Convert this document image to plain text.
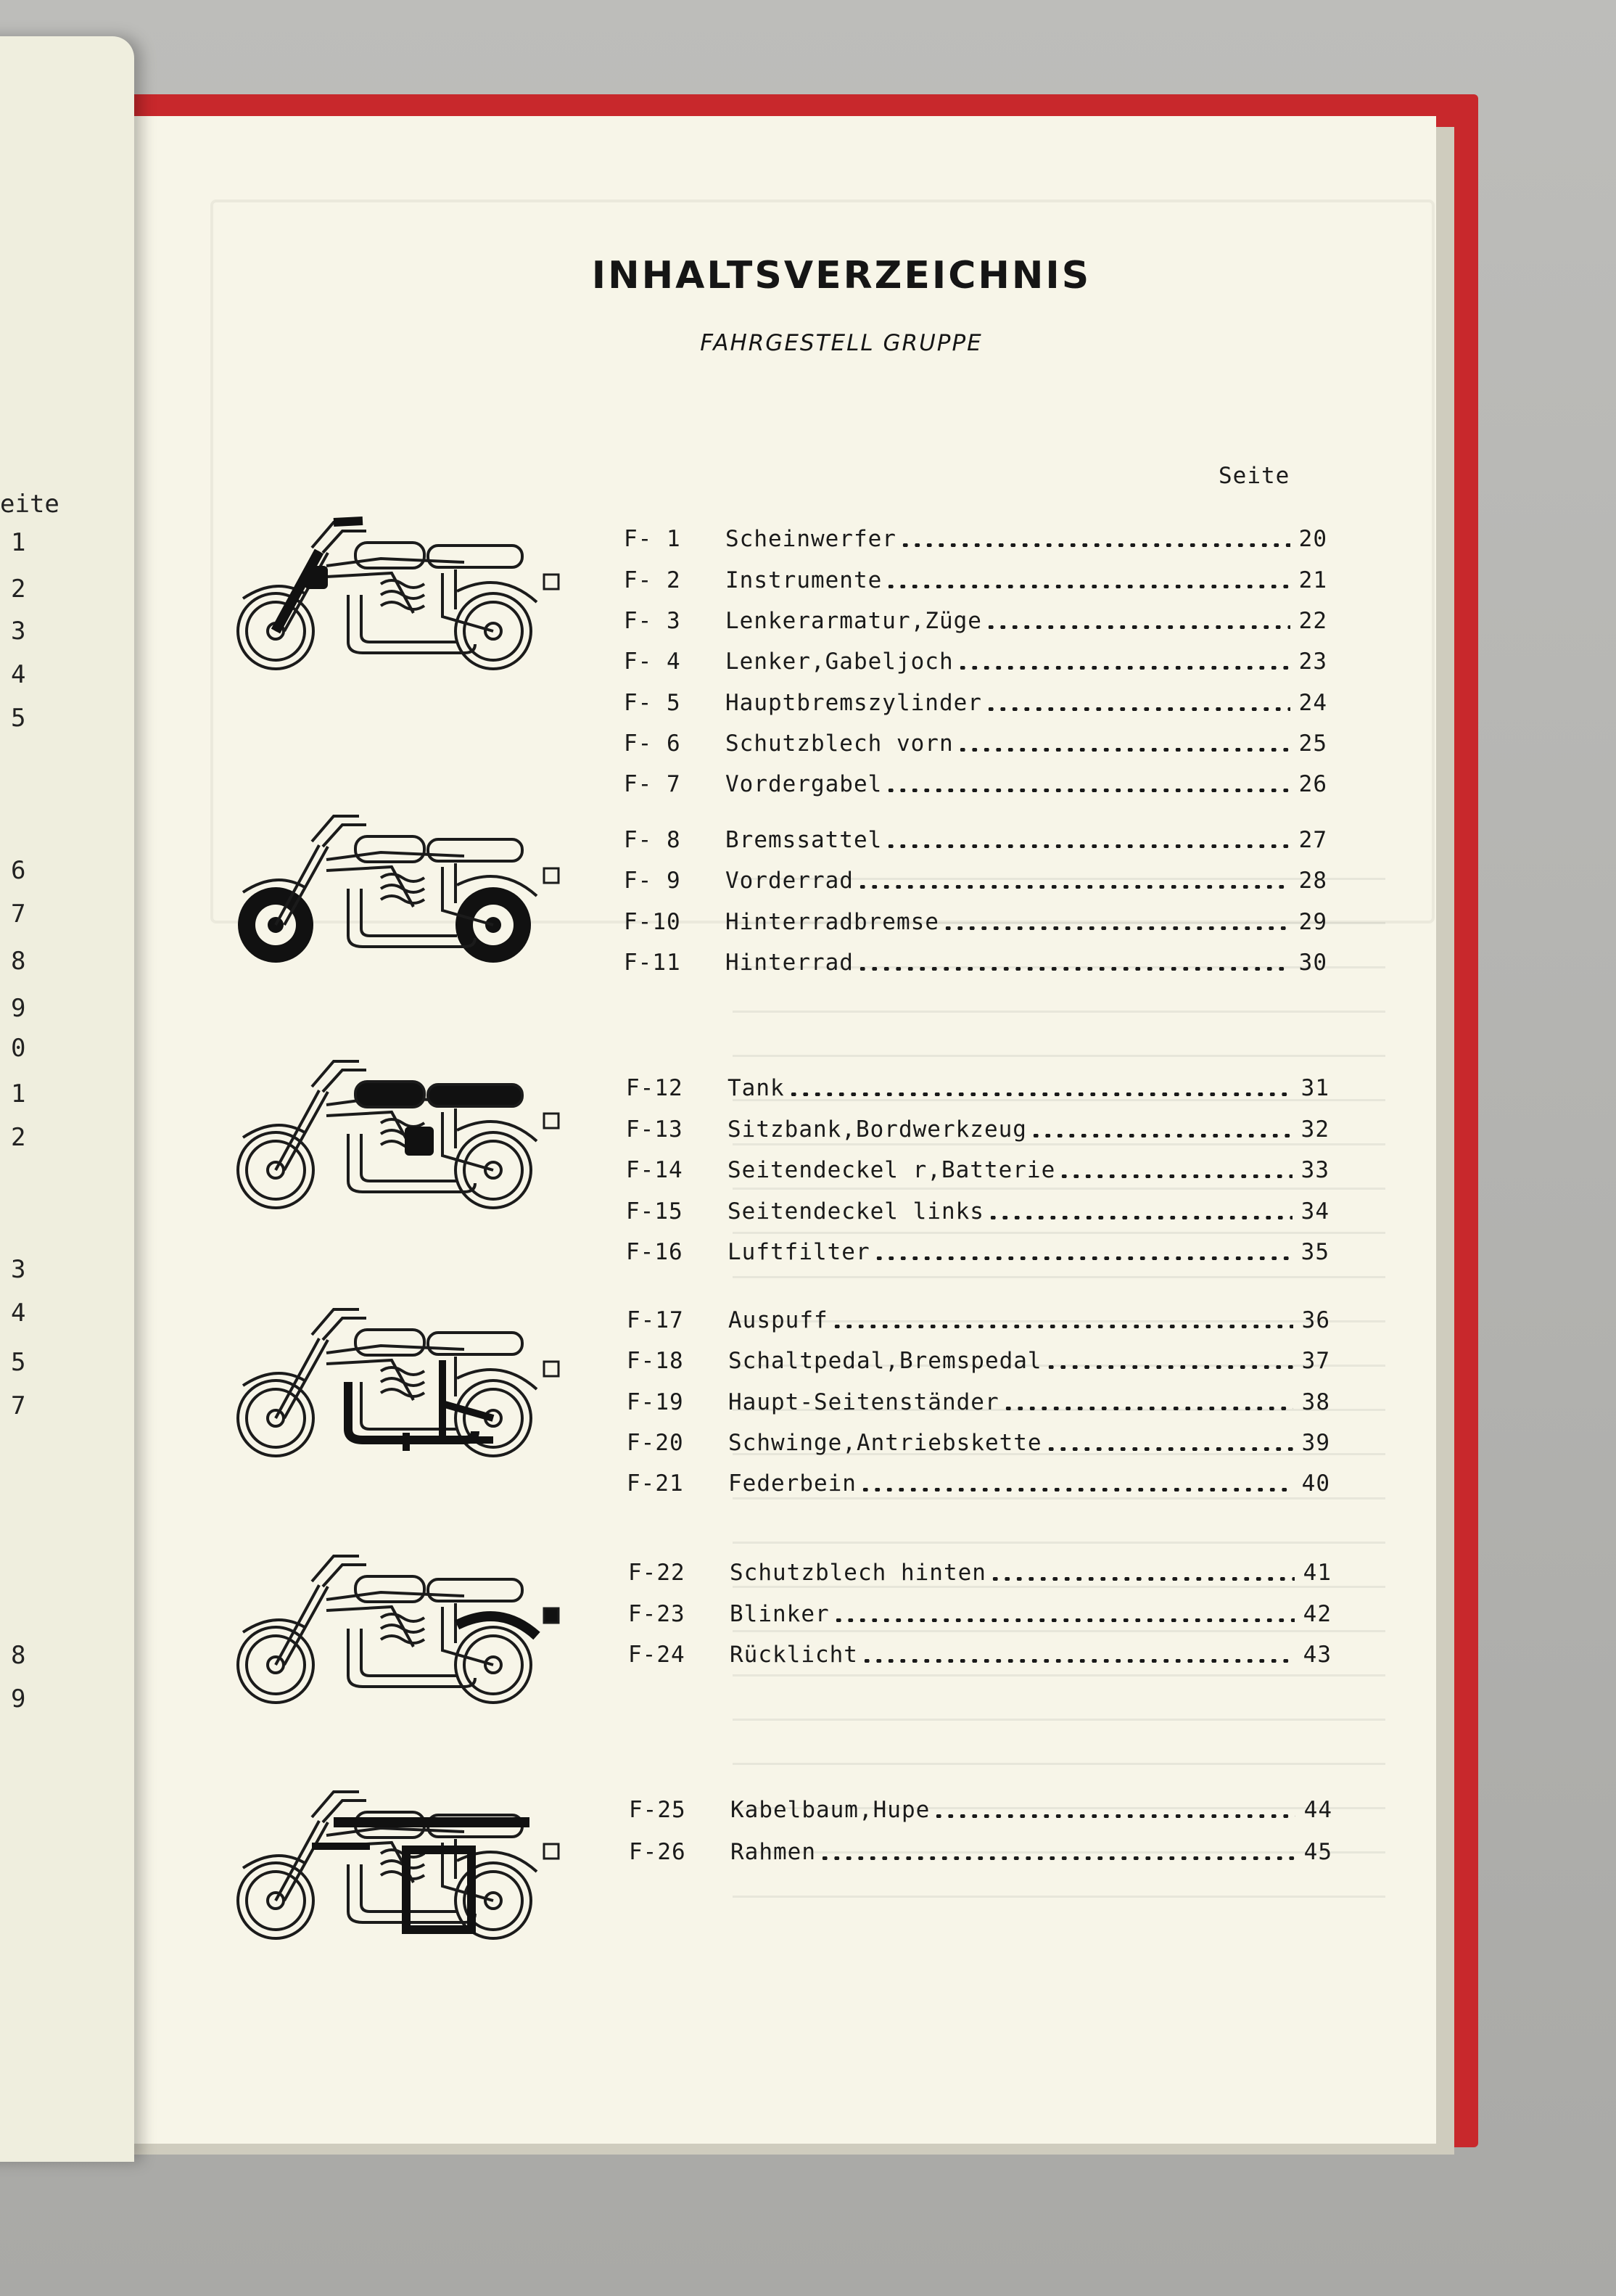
INHALTSVERZEICHNIS
FAHRGESTELL GRUPPE
Seite
F- 1 Scheinwerfer	20
F- 2 Instrumente	21
F- 3 Lenkerarmatur,Züge	22
F- 4 Lenker,Gabeljoch	23
F- 5 Hauptbremszylinder	24
F- 6 Schutzblech vorn	25
F- 7 Vordergabel	26
F- 8 Bremssattel	27
F- 9 Vorderrad	28
F-10 Hinterradbremse	29
F-11 Hinterrad	30
F-12 Tank	31
F-13 Sitzbank,Bordwerkzeug	32
F-14 Seitendeckel r,Batterie	33
F-15 Seitendeckel links	34
F-16 Luftfilter	35
F-17 Auspuff	36
F-18 Schaltpedal,Bremspedal	37
F-19 Haupt-Seitenständer	38
F-20 Schwinge,Antriebskette	39
F-21 Federbein	40
F-22 Schutzblech hinten	41
F-23 Blinker	42
F-24 Rücklicht	43
F-25 Kabelbaum,Hupe	44
F-26 Rahmen	45
eite
1
2
3
4
5
6
7
8
9
0
1
2
3
4
5
7
8
9
